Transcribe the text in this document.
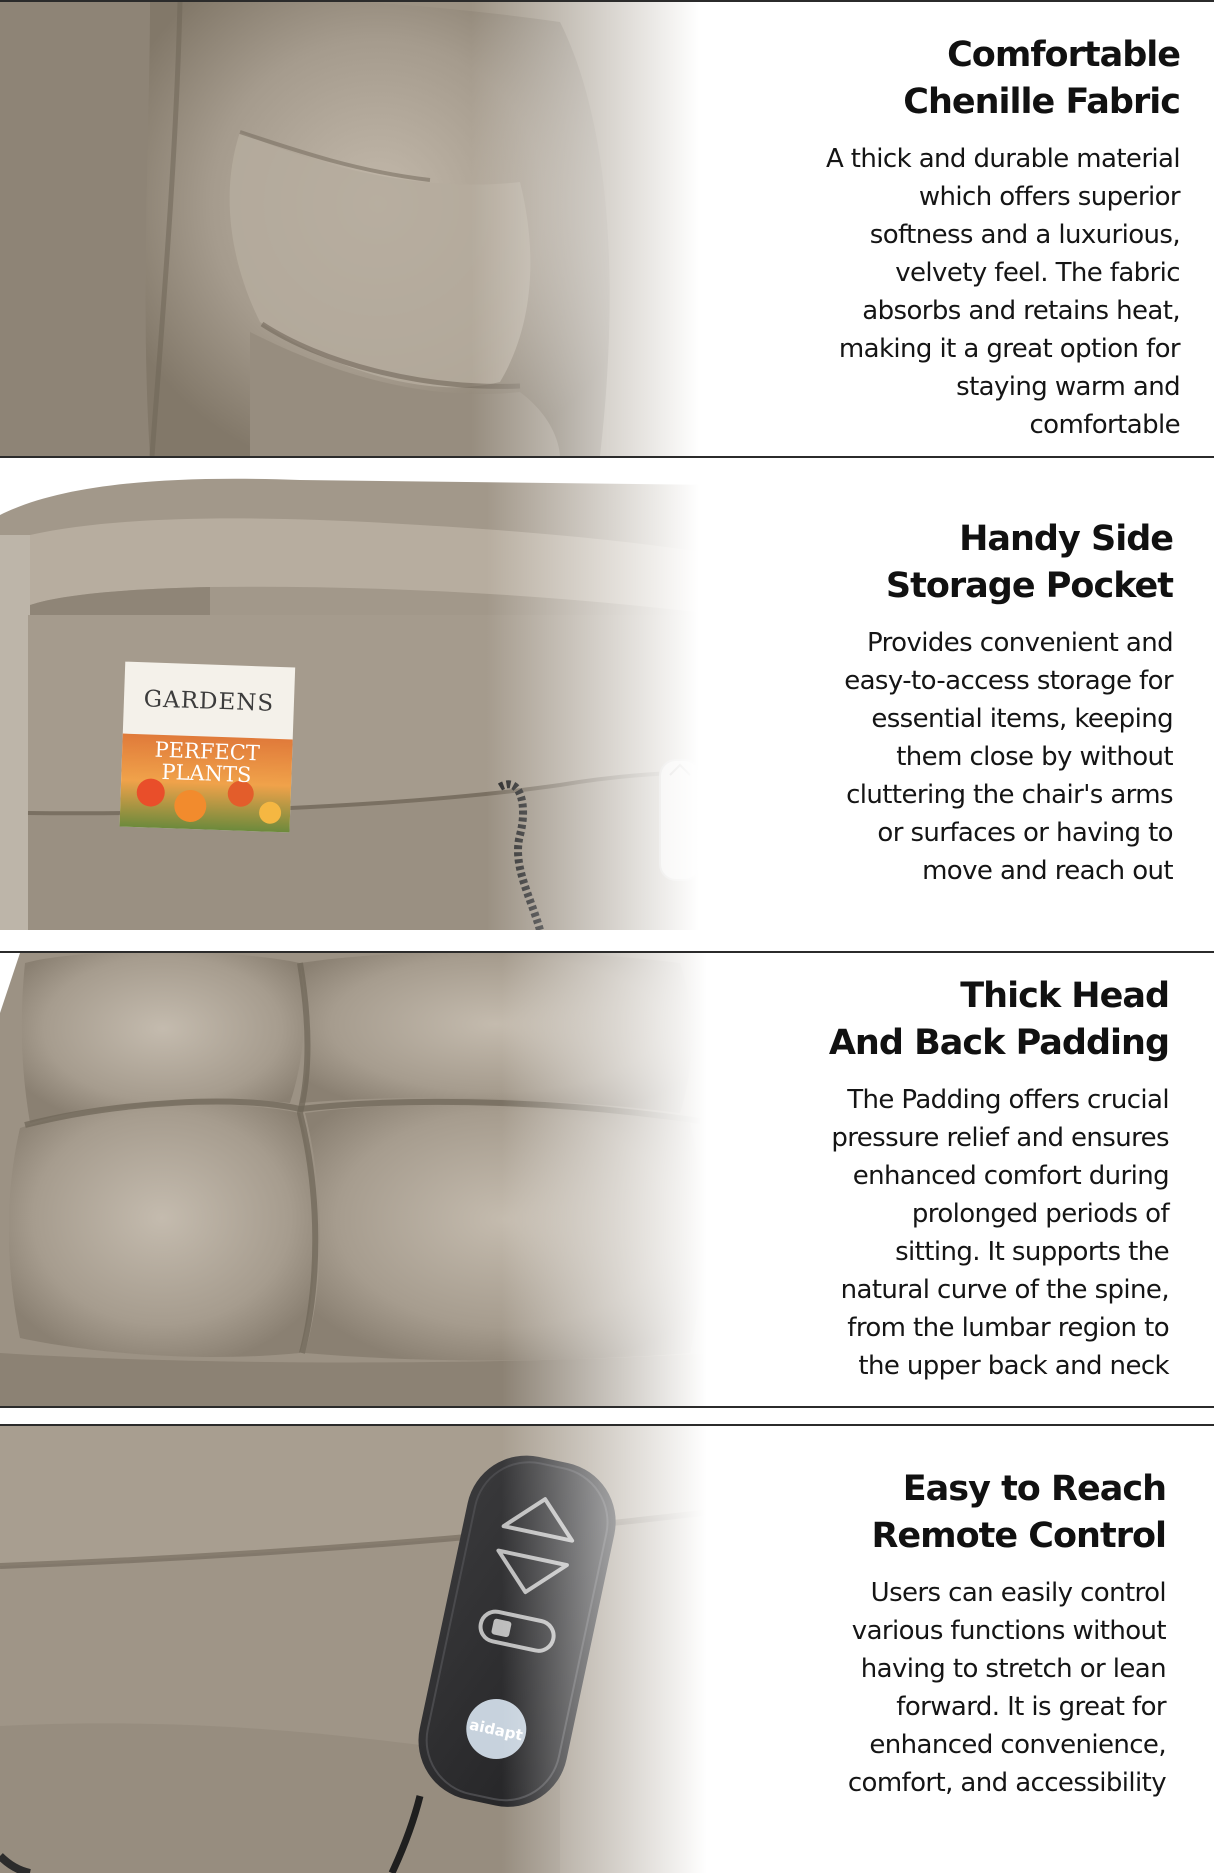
Comfortable
Chenille Fabric

A thick and durable material
which offers superior
softness and a luxurious,
velvety feel. The fabric
absorbs and retains heat,
making it a great option for
staying warm and
comfortable

Handy Side
Storage Pocket

Provides convenient and
easy-to-access storage for
essential items, keeping
them close by without
cluttering the chair's arms
or surfaces or having to
move and reach out

Thick Head
And Back Padding

The Padding offers crucial
pressure relief and ensures
enhanced comfort during
prolonged periods of
sitting. It supports the
natural curve of the spine,
from the lumbar region to
the upper back and neck

Easy to Reach
Remote Control

Users can easily control
various functions without
having to stretch or lean
forward. It is great for
enhanced convenience,
comfort, and accessibility
